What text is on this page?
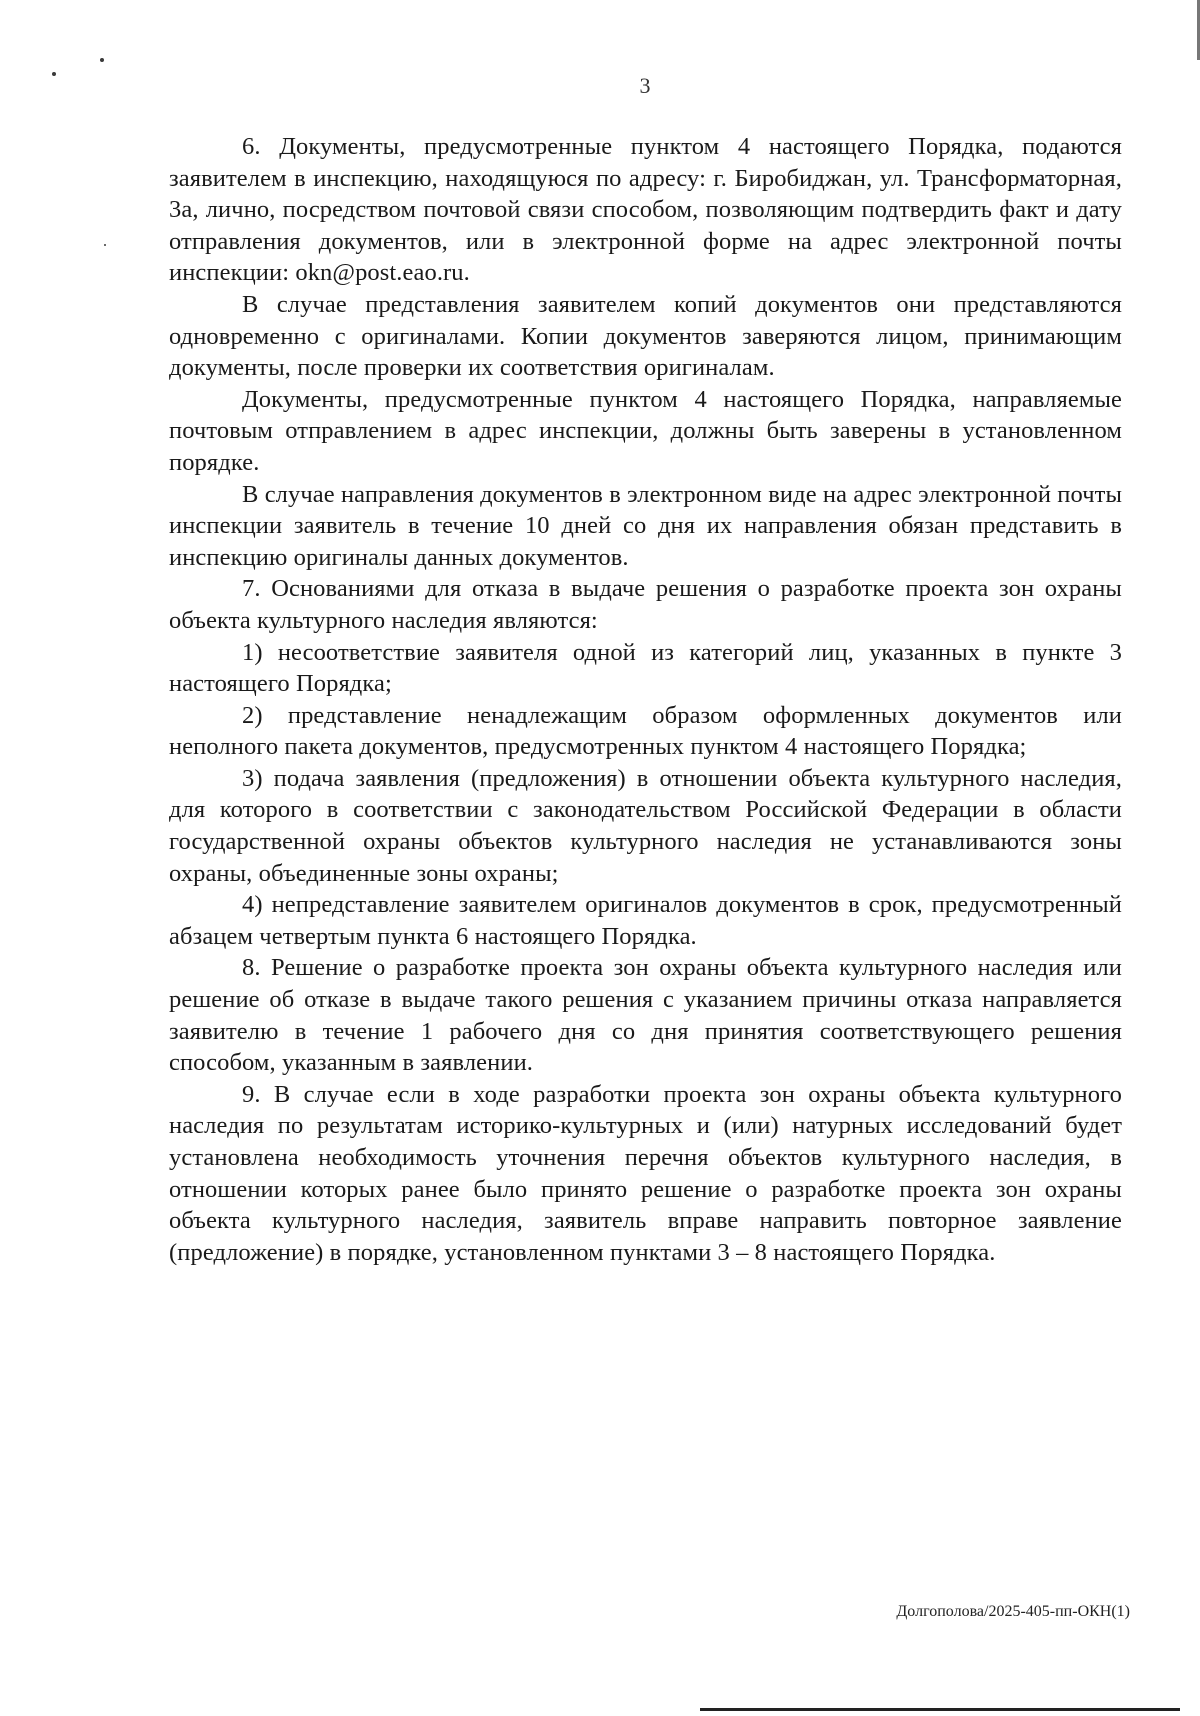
3

6. Документы, предусмотренные пунктом 4 настоящего Порядка, подаются заявителем в инспекцию, находящуюся по адресу: г. Биробиджан, ул. Трансформаторная, 3а, лично, посредством почтовой связи способом, позволяющим подтвердить факт и дату отправления документов, или в электронной форме на адрес электронной почты инспекции: okn@post.eao.ru.

В случае представления заявителем копий документов они представляются одновременно с оригиналами. Копии документов заверяются лицом, принимающим документы, после проверки их соответствия оригиналам.

Документы, предусмотренные пунктом 4 настоящего Порядка, направляемые почтовым отправлением в адрес инспекции, должны быть заверены в установленном порядке.

В случае направления документов в электронном виде на адрес электронной почты инспекции заявитель в течение 10 дней со дня их направления обязан представить в инспекцию оригиналы данных документов.

7. Основаниями для отказа в выдаче решения о разработке проекта зон охраны объекта культурного наследия являются:

1) несоответствие заявителя одной из категорий лиц, указанных в пункте 3 настоящего Порядка;

2) представление ненадлежащим образом оформленных документов или неполного пакета документов, предусмотренных пунктом 4 настоящего Порядка;

3) подача заявления (предложения) в отношении объекта культурного наследия, для которого в соответствии с законодательством Российской Федерации в области государственной охраны объектов культурного наследия не устанавливаются зоны охраны, объединенные зоны охраны;

4) непредставление заявителем оригиналов документов в срок, предусмотренный абзацем четвертым пункта 6 настоящего Порядка.

8. Решение о разработке проекта зон охраны объекта культурного наследия или решение об отказе в выдаче такого решения с указанием причины отказа направляется заявителю в течение 1 рабочего дня со дня принятия соответствующего решения способом, указанным в заявлении.

9. В случае если в ходе разработки проекта зон охраны объекта культурного наследия по результатам историко-культурных и (или) натурных исследований будет установлена необходимость уточнения перечня объектов культурного наследия, в отношении которых ранее было принято решение о разработке проекта зон охраны объекта культурного наследия, заявитель вправе направить повторное заявление (предложение) в порядке, установленном пунктами 3 – 8 настоящего Порядка.

Долгополова/2025-405-пп-ОКН(1)
